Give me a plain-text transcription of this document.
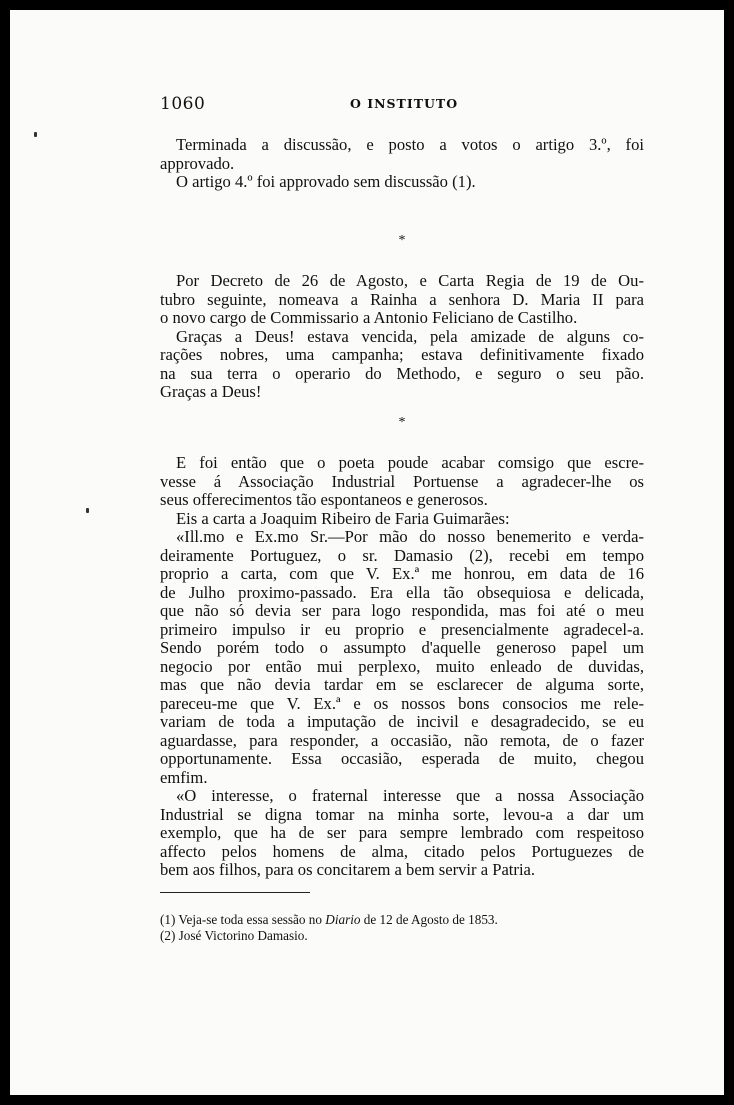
1060	O INSTITUTO
Terminada a discussão, e posto a votos o artigo 3.º, foi
approvado.
O artigo 4.º foi approvado sem discussão (1).
*
Por Decreto de 26 de Agosto, e Carta Regia de 19 de Ou-
tubro seguinte, nomeava a Rainha a senhora D. Maria II para
o novo cargo de Commissario a Antonio Feliciano de Castilho.
Graças a Deus! estava vencida, pela amizade de alguns co-
rações nobres, uma campanha; estava definitivamente fixado
na sua terra o operario do Methodo, e seguro o seu pão.
Graças a Deus!
*
E foi então que o poeta poude acabar comsigo que escre-
vesse á Associação Industrial Portuense a agradecer-lhe os
seus offerecimentos tão espontaneos e generosos.
Eis a carta a Joaquim Ribeiro de Faria Guimarães:
«Ill.mo e Ex.mo Sr.—Por mão do nosso benemerito e verda-
deiramente Portuguez, o sr. Damasio (2), recebi em tempo
proprio a carta, com que V. Ex.ª me honrou, em data de 16
de Julho proximo-passado. Era ella tão obsequiosa e delicada,
que não só devia ser para logo respondida, mas foi até o meu
primeiro impulso ir eu proprio e presencialmente agradecel-a.
Sendo porém todo o assumpto d'aquelle generoso papel um
negocio por então mui perplexo, muito enleado de duvidas,
mas que não devia tardar em se esclarecer de alguma sorte,
pareceu-me que V. Ex.ª e os nossos bons consocios me rele-
variam de toda a imputação de incivil e desagradecido, se eu
aguardasse, para responder, a occasião, não remota, de o fazer
opportunamente. Essa occasião, esperada de muito, chegou
emfim.
«O interesse, o fraternal interesse que a nossa Associação
Industrial se digna tomar na minha sorte, levou-a a dar um
exemplo, que ha de ser para sempre lembrado com respeitoso
affecto pelos homens de alma, citado pelos Portuguezes de
bem aos filhos, para os concitarem a bem servir a Patria.
(1) Veja-se toda essa sessão no Diario de 12 de Agosto de 1853.
(2) José Victorino Damasio.
